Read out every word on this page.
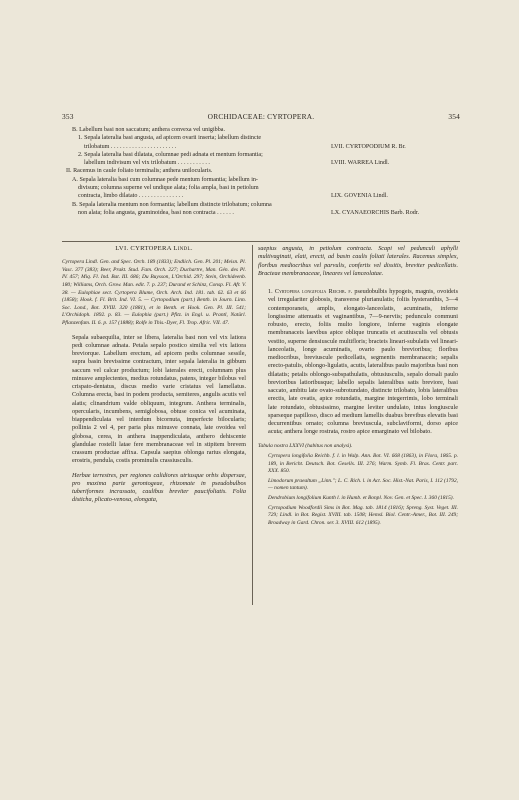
353	ORCHIDACEAE: CYRTOPERA.	354
B. Labellum basi non saccatum; anthera convexa vel unigibba.
1. Sepala lateralia basi angusta, ad apicem ovarii inserta; labellum distincte
trilobatum . . . . . . . . . . . . . . . . . . . . . .	LVII. CYRTOPODIUM R. Br.
2. Sepala lateralia basi dilatata, columnae pedi adnata et mentum formantia;
labellum indivisum vel vix trilobatum . . . . . . . . . . .	LVIII. WARREA Lindl.
II. Racemus in caule foliato terminalis; anthera unilocularis.
A. Sepala lateralia basi cum columnae pede mentum formantia; labellum in-
divisum; columna superne vel undique alata; folia ampla, basi in petiolum
contracta, limbo dilatato . . . . . . . . . . . . . . .	LIX. GOVENIA Lindl.
B. Sepala lateralia mentum non formantia; labellum distincte trilobatum; columna
non alata; folia angusta, graminoidea, basi non contracta . . . . . .	LX. CYANAEORCHIS Barb. Rodr.

LVI. CYRTOPERA Lindl.

Cyrtopera Lindl. Gen. and Spec. Orch. 189 (1833); Endlich. Gen. Pl. 201; Meisn. Pl. Vasc. 377 (383); Beer, Prakt. Stud. Fam. Orch. 227; Duchartre, Man. Gén. des Pl. IV. 457; Miq. Fl. Ind. Bat. III. 686; Du Buysson, L'Orchid. 297; Stein, Orchideenb. 180; Williams, Orch. Grow. Man. edit. 7. p. 237; Durand et Schinz, Consp. Fl. Afr. V. 38. — Eulophiae sect. Cyrtopera Blume, Orch. Arch. Ind. 181. tab. 62. 63 et 66 (1858); Hook. f. Fl. Brit. Ind. VI. 5. — Cyrtopodium (part.) Benth. in Journ. Linn. Soc. Lond., Bot. XVIII. 320 (1881), et in Benth. et Hook. Gen. Pl. III. 541; L'Orchidoph. 1892. p. 83. — Eulophia (part.) Pfitz. in Engl. u. Prantl, Natürl. Pflanzenfam. II. 6. p. 157 (1888); Rolfe in This.-Dyer, Fl. Trop. Afric. VII. 47.

Sepala subaequilia, inter se libera, lateralia basi non vel vix latiora pedi columnae adnata. Petala sepalo postico similia vel vix latiora breviorque. Labellum erectum, ad apicem pedis columnae sessile, supra basin brevissime contractum, inter sepala lateralia in gibbum saccum vel calcar productum; lobi laterales erecti, columnam plus minusve amplectentes, medius rotundatus, patens, integer bilobus vel crispato-dentatus, discus medio varie cristatus vel lamellatus. Columna erecta, basi in podem producta, semiteres, angulis acutis vel alatis; clinandrium valde obliquum, integrum. Anthera terminalis, opercularis, incumbens, semiglobosa, obtuse conica vel acuminata, biappendiculata vel interdum bicornuta, imperfecte bilocularis; pollinia 2 vel 4, per paria plus minusve connata, late ovoidea vel globosa, cerea, in anthera inappendiculata, anthero dehiscente glandulae rostelli latae fere membranaceae vel in stipitem brevem crassum productae affixa. Capsula saepius oblonga rarius elongata, erostris, pendula, costis prominulis crassiusculis.

Herbae terrestres, per regiones calidiores utriusque orbis dispersae, pro maxima parte gerontogeae, rhizomate in pseudobulbos tuberiformes incrassato, caulibus breviter paucifoliatis. Folia disticha, plicato-venosa, elongata,

saepius angusta, in petiolum contracta. Scapi vel pedunculi aphylli multivaginati, elati, erecti, ad basin caulis foliati laterales. Racemus simplex, floribus mediocribus vel parvulis, confertis vel dissitis, breviter pedicellatis. Bracteae membranaceae, lineares vel lanceolatae.

1. Cyrtopera longifolia Reichb. f. pseudobulbis hypogeis, magnis, ovoideis vel irregulariter globosis, transverse plurianulatis; foliis hysteranthis, 3—4 contemporaneis, amplis, elongato-lanceolatis, acuminatis, inferne longissime attenuatis et vaginantibus, 7—9-nerviis; pedunculo communi robusto, erecto, foliis multo longiore, inferne vaginis elongate membranaceis laevibus apice oblique truncatis et acutiusculis vel obtusis vestito, superne densiuscule multifloris; bracteis lineari-subulatis vel lineari-lanceolatis, longe acuminatis, ovario paulo brevioribus; floribus mediocribus, breviuscule pedicellatis, segmentis membranaceis; sepalis erecto-patulis, oblongo-ligulatis, acutis, lateralibus paulo majoribus basi non dilatatis; petalis oblongo-subspathulatis, obtusiusculis, sepalo dorsali paulo brevioribus latioribusque; labello sepalis lateralibus satis breviore, basi saccato, ambitu late ovato-subrotundato, distincte trilobato, lobis lateralibus erectis, late ovatis, apice rotundatis, margine integerrimis, lobo terminali late rotundato, obtusissimo, margine leviter undulato, intus longiuscule sparseque papilloso, disco ad medium lamellis duabus brevibus elevatis basi decurrentibus ornato; columna breviuscula, subclaviformi, dorso apice acuta; anthera longe rostrata, rostro apice emarginato vel bilobato.

Tabula nostra LXXVI (habitus non analysi).

Cyrtopera longifolia Reichb. f. l. in Walp. Ann. Bot. VI. 668 (1863), in Flora, 1865. p. 189, in Bericht. Deutsch. Bot. Gesells. III. 276; Warm. Symb. Fl. Bras. Centr. part. XXX. 850.

Limodorum praealtum „Linn."; L. C. Rich. l. in Act. Soc. Hist.-Nat. Paris, I. 112 (1792, — nomen tantum).

Dendrobium longifolium Kunth l. in Humb. et Bonpl. Nov. Gen. et Spec. I. 360 (1815).

Cyrtopodium Woodfordii Sims in Bot. Mag. tab. 1814 (1816); Spreng. Syst. Veget. III. 729; Lindl. in Bot. Regist. XVIII. tab. 1508; Hemsl. Biol. Centr.-Amer., Bot. III. 249; Broadway in Gard. Chron. ser. 3. XVIII. 612 (1895).
